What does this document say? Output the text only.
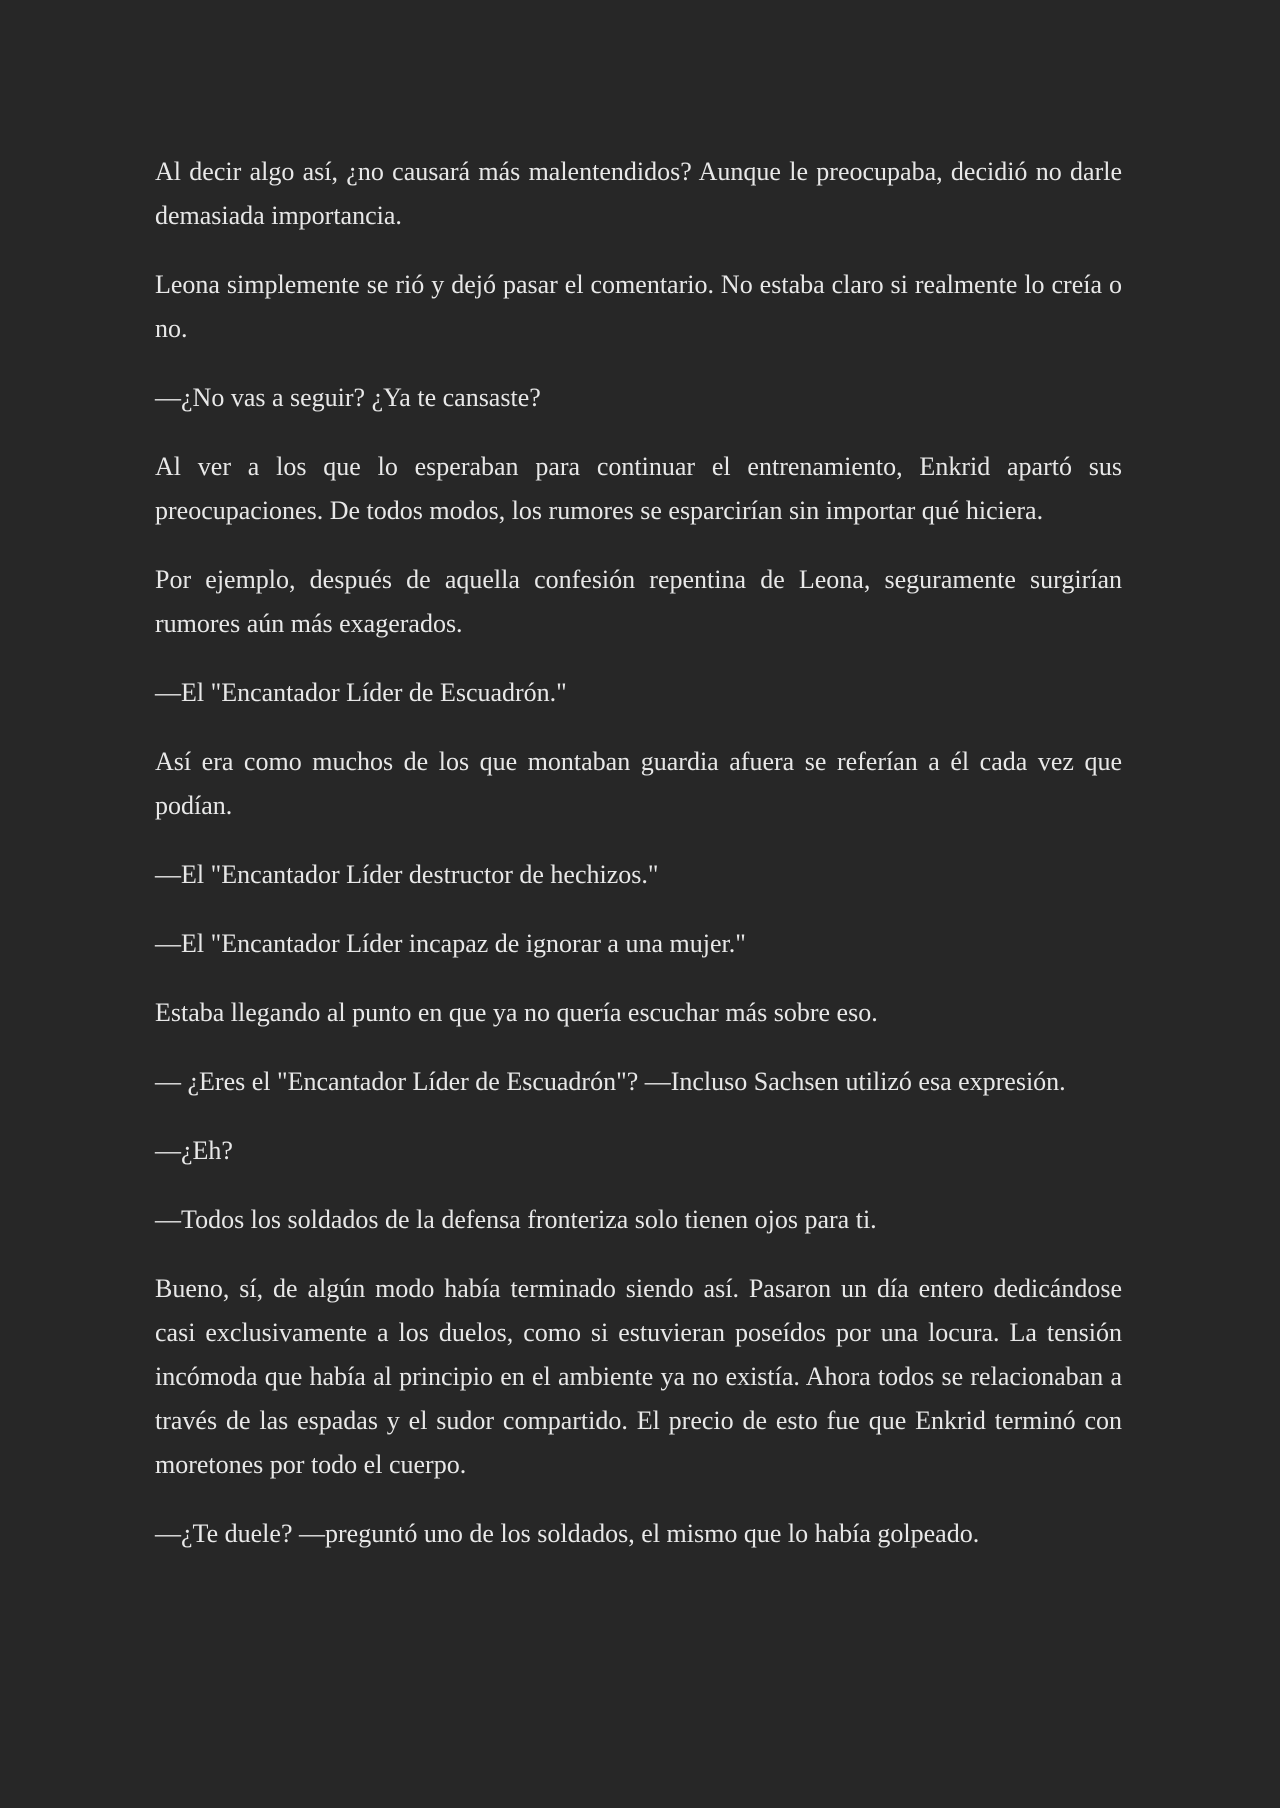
Al decir algo así, ¿no causará más malentendidos? Aunque le preocupaba, decidió no darle demasiada importancia.

Leona simplemente se rió y dejó pasar el comentario. No estaba claro si realmente lo creía o no.

—¿No vas a seguir? ¿Ya te cansaste?

Al ver a los que lo esperaban para continuar el entrenamiento, Enkrid apartó sus preocupaciones. De todos modos, los rumores se esparcirían sin importar qué hiciera.

Por ejemplo, después de aquella confesión repentina de Leona, seguramente surgirían rumores aún más exagerados.

—El "Encantador Líder de Escuadrón."

Así era como muchos de los que montaban guardia afuera se referían a él cada vez que podían.

—El "Encantador Líder destructor de hechizos."

—El "Encantador Líder incapaz de ignorar a una mujer."

Estaba llegando al punto en que ya no quería escuchar más sobre eso.

— ¿Eres el "Encantador Líder de Escuadrón"? —Incluso Sachsen utilizó esa expresión.

—¿Eh?

—Todos los soldados de la defensa fronteriza solo tienen ojos para ti.

Bueno, sí, de algún modo había terminado siendo así. Pasaron un día entero dedicándose casi exclusivamente a los duelos, como si estuvieran poseídos por una locura. La tensión incómoda que había al principio en el ambiente ya no existía. Ahora todos se relacionaban a través de las espadas y el sudor compartido. El precio de esto fue que Enkrid terminó con moretones por todo el cuerpo.

—¿Te duele? —preguntó uno de los soldados, el mismo que lo había golpeado.
